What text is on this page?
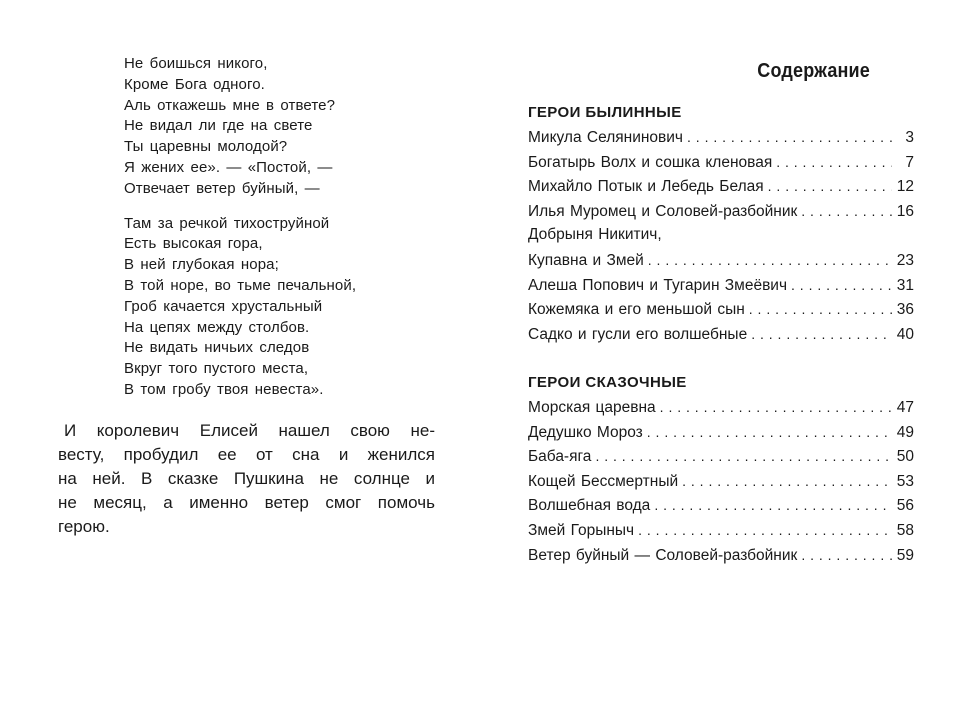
Не боишься никого,
Кроме Бога одного.
Аль откажешь мне в ответе?
Не видал ли где на свете
Ты царевны молодой?
Я жених ее». — «Постой, —
Отвечает ветер буйный, —
Там за речкой тихоструйной
Есть высокая гора,
В ней глубокая нора;
В той норе, во тьме печальной,
Гроб качается хрустальный
На цепях между столбов.
Не видать ничьих следов
Вкруг того пустого места,
В том гробу твоя невеста».
И королевич Елисей нашел свою не-
весту, пробудил ее от сна и женился
на ней. В сказке Пушкина не солнце и
не месяц, а именно ветер смог помочь
герою.
Содержание
ГЕРОИ БЫЛИННЫЕ
Микула Селянинович . . .	3
Богатырь Волх и сошка кленовая . . .	7
Михайло Потык и Лебедь Белая . . .	12
Илья Муромец и Соловей-разбойник . . .	16
Добрыня Никитич,
Купавна и Змей . . .	23
Алеша Попович и Тугарин Змеёвич . . .	31
Кожемяка и его меньшой сын . . .	36
Садко и гусли его волшебные . . .	40
ГЕРОИ СКАЗОЧНЫЕ
Морская царевна . . .	47
Дедушко Мороз . . .	49
Баба-яга . . .	50
Кощей Бессмертный . . .	53
Волшебная вода . . .	56
Змей Горыныч . . .	58
Ветер буйный — Соловей-разбойник . . .	59
